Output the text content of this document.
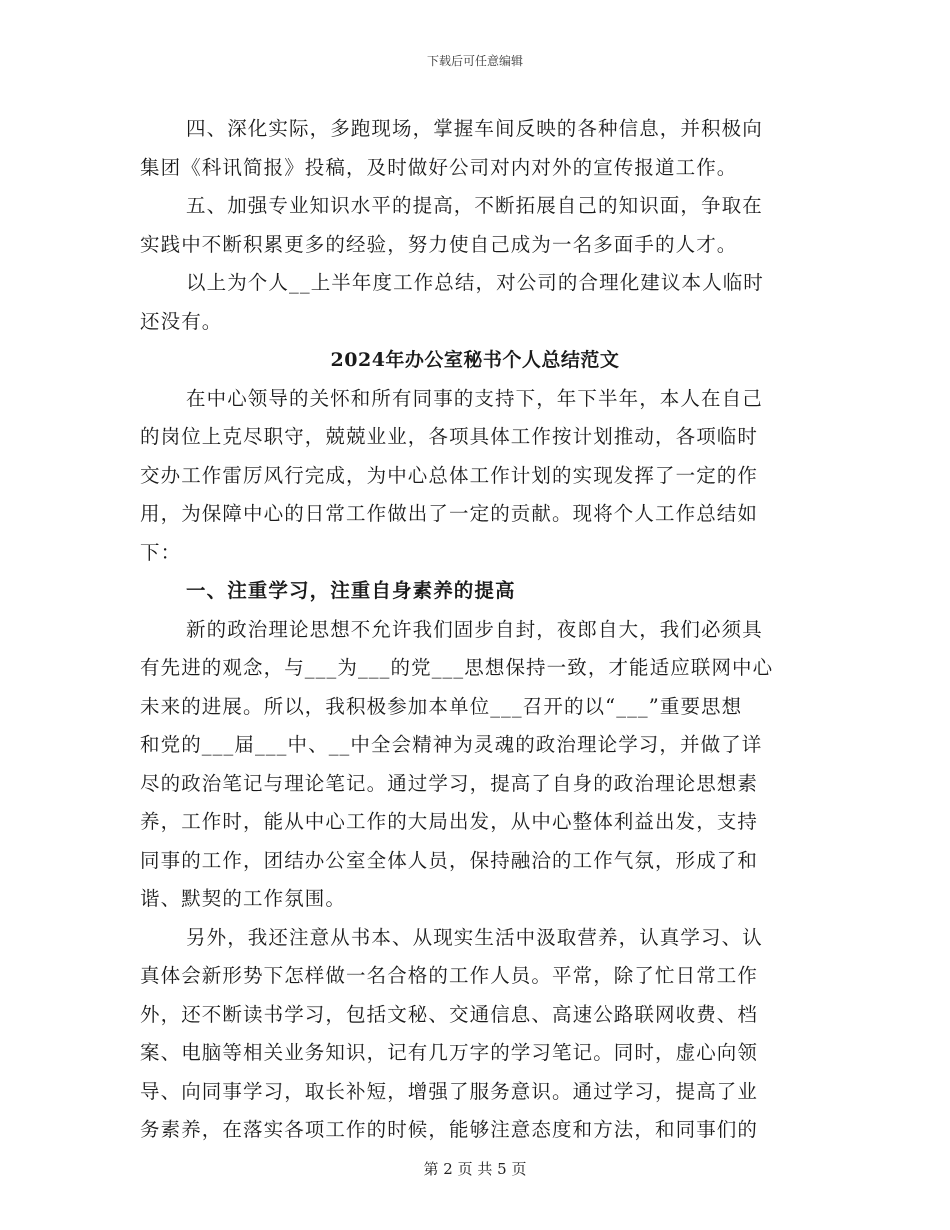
下载后可任意编辑
四、深化实际，多跑现场，掌握车间反映的各种信息，并积极向
集团《科讯简报》投稿，及时做好公司对内对外的宣传报道工作。
五、加强专业知识水平的提高，不断拓展自己的知识面，争取在
实践中不断积累更多的经验，努力使自己成为一名多面手的人才。
以上为个人__上半年度工作总结，对公司的合理化建议本人临时
还没有。
2024年办公室秘书个人总结范文
在中心领导的关怀和所有同事的支持下，年下半年，本人在自己
的岗位上克尽职守，兢兢业业，各项具体工作按计划推动，各项临时
交办工作雷厉风行完成，为中心总体工作计划的实现发挥了一定的作
用，为保障中心的日常工作做出了一定的贡献。现将个人工作总结如
下：
一、注重学习，注重自身素养的提高
新的政治理论思想不允许我们固步自封，夜郎自大，我们必须具
有先进的观念，与___为___的党___思想保持一致，才能适应联网中心
未来的进展。所以，我积极参加本单位___召开的以“___”重要思想
和党的___届___中、__中全会精神为灵魂的政治理论学习，并做了详
尽的政治笔记与理论笔记。通过学习，提高了自身的政治理论思想素
养，工作时，能从中心工作的大局出发，从中心整体利益出发，支持
同事的工作，团结办公室全体人员，保持融洽的工作气氛，形成了和
谐、默契的工作氛围。
另外，我还注意从书本、从现实生活中汲取营养，认真学习、认
真体会新形势下怎样做一名合格的工作人员。平常，除了忙日常工作
外，还不断读书学习，包括文秘、交通信息、高速公路联网收费、档
案、电脑等相关业务知识，记有几万字的学习笔记。同时，虚心向领
导、向同事学习，取长补短，增强了服务意识。通过学习，提高了业
务素养，在落实各项工作的时候，能够注意态度和方法，和同事们的
第 2 页 共 5 页
